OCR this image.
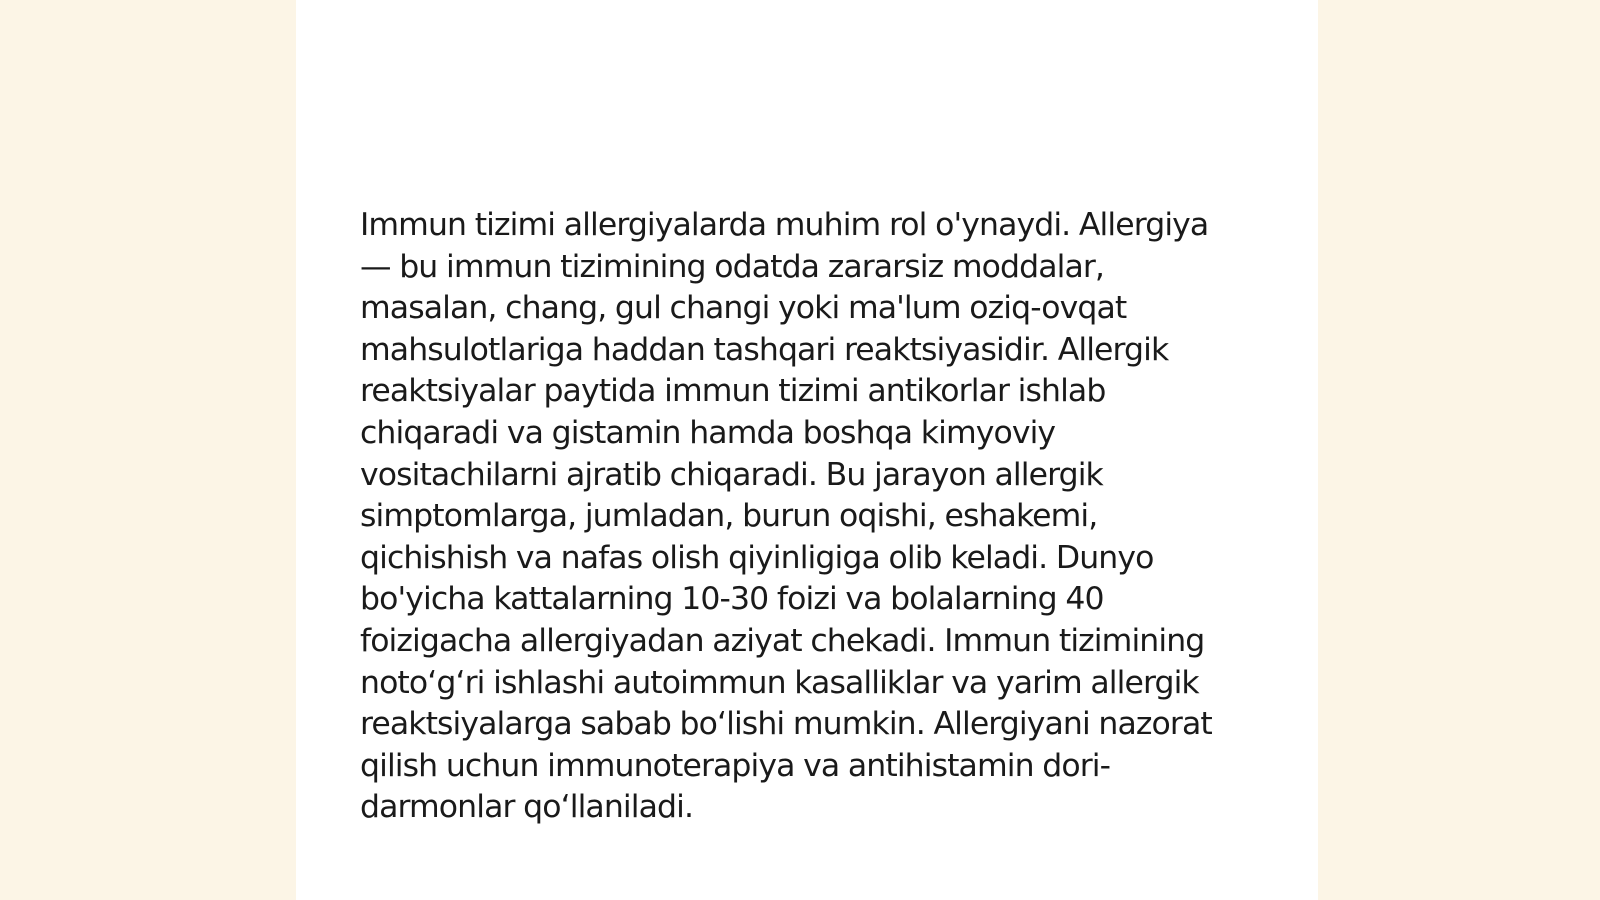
Immun tizimi allergiyalarda muhim rol o'ynaydi. Allergiya — bu immun tizimining odatda zararsiz moddalar, masalan, chang, gul changi yoki ma'lum oziq-ovqat mahsulotlariga haddan tashqari reaktsiyasidir. Allergik reaktsiyalar paytida immun tizimi antikorlar ishlab chiqaradi va gistamin hamda boshqa kimyoviy vositachilarni ajratib chiqaradi. Bu jarayon allergik simptomlarga, jumladan, burun oqishi, eshakemi, qichishish va nafas olish qiyinligiga olib keladi. Dunyo bo'yicha kattalarning 10-30 foizi va bolalarning 40 foizigacha allergiyadan aziyat chekadi. Immun tizimining noto‘g‘ri ishlashi autoimmun kasalliklar va yarim allergik reaktsiyalarga sabab bo‘lishi mumkin. Allergiyani nazorat qilish uchun immunoterapiya va antihistamin dori-darmonlar qo‘llaniladi.
